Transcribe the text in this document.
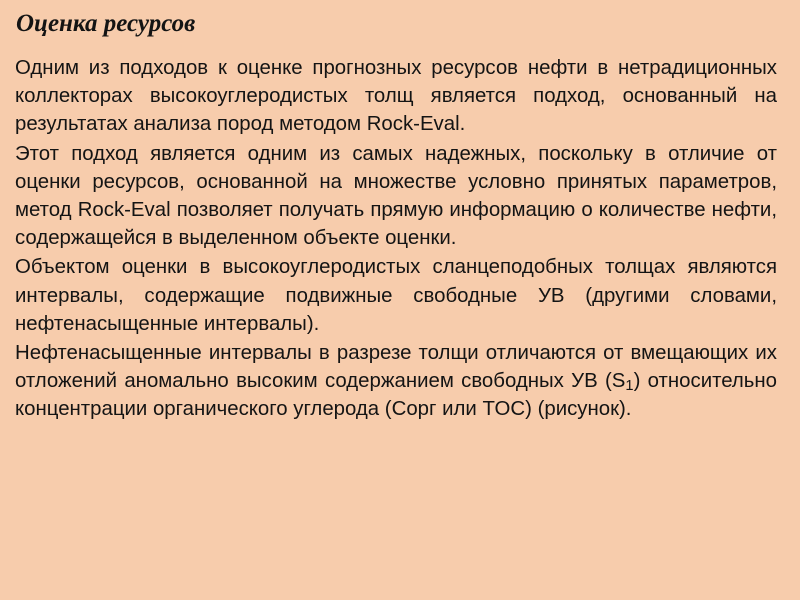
Оценка ресурсов

Одним из подходов к оценке прогнозных ресурсов нефти в нетрадиционных коллекторах высокоуглеродистых толщ является подход, основанный на результатах анализа пород методом Rock-Eval.

Этот подход является одним из самых надежных, поскольку в отличие от оценки ресурсов, основанной на множестве условно принятых параметров, метод Rock-Eval позволяет получать прямую информацию о количестве нефти, содержащейся в выделенном объекте оценки.

Объектом оценки в высокоуглеродистых сланцеподобных толщах являются интервалы, содержащие подвижные свободные УВ (другими словами, нефтенасыщенные интервалы).

Нефтенасыщенные интервалы в разрезе толщи отличаются от вмещающих их отложений аномально высоким содержанием свободных УВ $(S_1)$ относительно концентрации органического углерода (Сорг или TOC) (рисунок).
